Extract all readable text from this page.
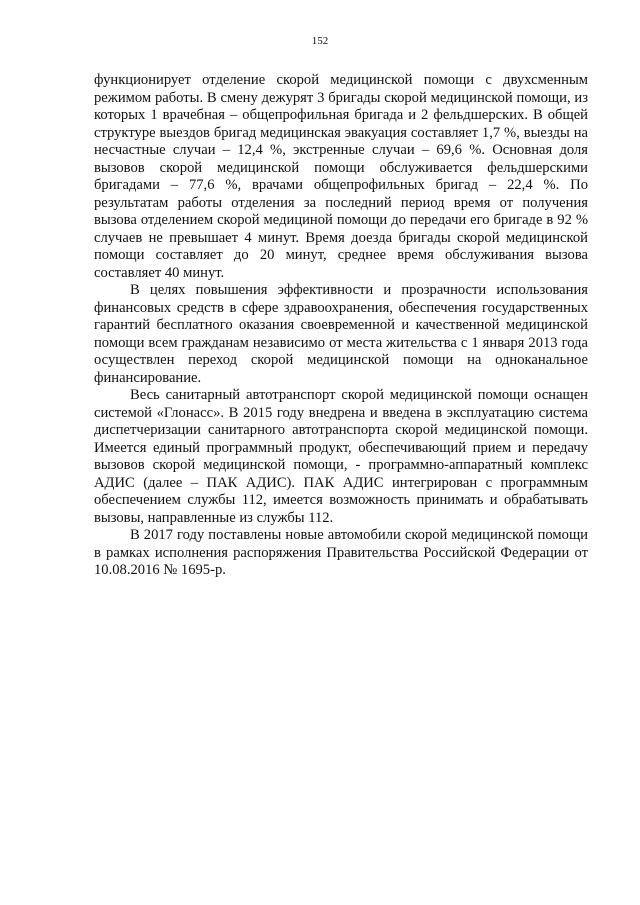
152

функционирует отделение скорой медицинской помощи с двухсменным режимом работы. В смену дежурят 3 бригады скорой медицинской помощи, из которых 1 врачебная – общепрофильная бригада и 2 фельдшерских. В общей структуре выездов бригад медицинская эвакуация составляет 1,7 %, выезды на несчастные случаи – 12,4 %, экстренные случаи – 69,6 %. Основная доля вызовов скорой медицинской помощи обслуживается фельдшерскими бригадами – 77,6 %, врачами общепрофильных бригад – 22,4 %. По результатам работы отделения за последний период время от получения вызова отделением скорой медициной помощи до передачи его бригаде в 92 % случаев не превышает 4 минут. Время доезда бригады скорой медицинской помощи составляет до 20 минут, среднее время обслуживания вызова составляет 40 минут.

В целях повышения эффективности и прозрачности использования финансовых средств в сфере здравоохранения, обеспечения государственных гарантий бесплатного оказания своевременной и качественной медицинской помощи всем гражданам независимо от места жительства с 1 января 2013 года осуществлен переход скорой медицинской помощи на одноканальное финансирование.

Весь санитарный автотранспорт скорой медицинской помощи оснащен системой «Глонасс». В 2015 году внедрена и введена в эксплуатацию система диспетчеризации санитарного автотранспорта скорой медицинской помощи. Имеется единый программный продукт, обеспечивающий прием и передачу вызовов скорой медицинской помощи, - программно-аппаратный комплекс АДИС (далее – ПАК АДИС). ПАК АДИС интегрирован с программным обеспечением службы 112, имеется возможность принимать и обрабатывать вызовы, направленные из службы 112.

В 2017 году поставлены новые автомобили скорой медицинской помощи в рамках исполнения распоряжения Правительства Российской Федерации от 10.08.2016 № 1695-р.
